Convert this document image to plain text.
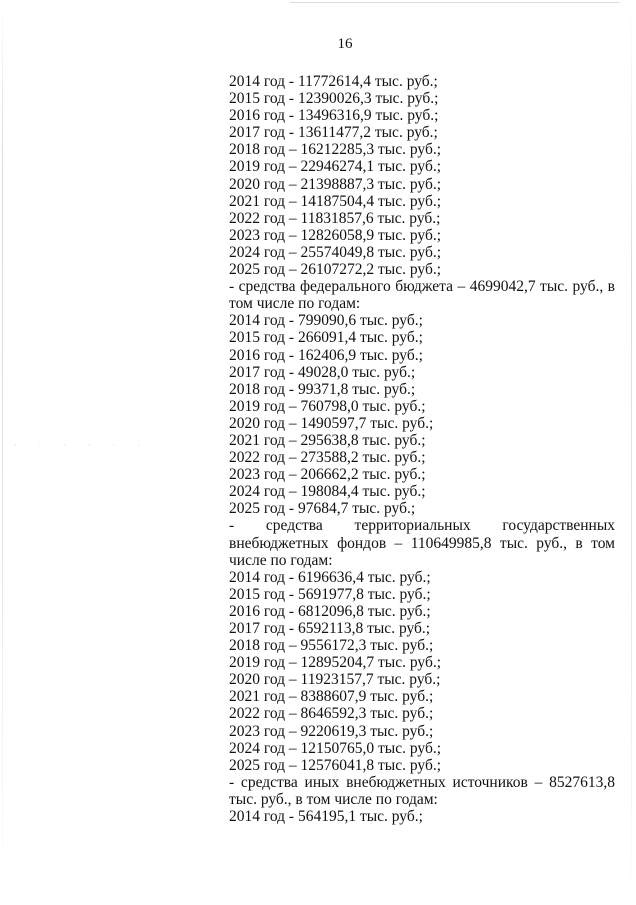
· · · · · ·
16
2014 год - 11772614,4 тыс. руб.;
2015 год - 12390026,3 тыс. руб.;
2016 год - 13496316,9 тыс. руб.;
2017 год - 13611477,2 тыс. руб.;
2018 год – 16212285,3 тыс. руб.;
2019 год – 22946274,1 тыс. руб.;
2020 год – 21398887,3 тыс. руб.;
2021 год – 14187504,4 тыс. руб.;
2022 год – 11831857,6 тыс. руб.;
2023 год – 12826058,9 тыс. руб.;
2024 год – 25574049,8 тыс. руб.;
2025 год – 26107272,2 тыс. руб.;
- средства федерального бюджета – 4699042,7 тыс. руб., в том числе по годам:
2014 год - 799090,6 тыс. руб.;
2015 год - 266091,4 тыс. руб.;
2016 год - 162406,9 тыс. руб.;
2017 год - 49028,0 тыс. руб.;
2018 год - 99371,8 тыс. руб.;
2019 год – 760798,0 тыс. руб.;
2020 год – 1490597,7 тыс. руб.;
2021 год – 295638,8 тыс. руб.;
2022 год – 273588,2 тыс. руб.;
2023 год – 206662,2 тыс. руб.;
2024 год – 198084,4 тыс. руб.;
2025 год - 97684,7 тыс. руб.;
- средства территориальных государственных внебюджетных фондов – 110649985,8 тыс. руб., в том числе по годам:
2014 год - 6196636,4 тыс. руб.;
2015 год - 5691977,8 тыс. руб.;
2016 год - 6812096,8 тыс. руб.;
2017 год - 6592113,8 тыс. руб.;
2018 год – 9556172,3 тыс. руб.;
2019 год – 12895204,7 тыс. руб.;
2020 год – 11923157,7 тыс. руб.;
2021 год – 8388607,9 тыс. руб.;
2022 год – 8646592,3 тыс. руб.;
2023 год – 9220619,3 тыс. руб.;
2024 год – 12150765,0 тыс. руб.;
2025 год – 12576041,8 тыс. руб.;
- средства иных внебюджетных источников – 8527613,8 тыс. руб., в том числе по годам:
2014 год - 564195,1 тыс. руб.;
